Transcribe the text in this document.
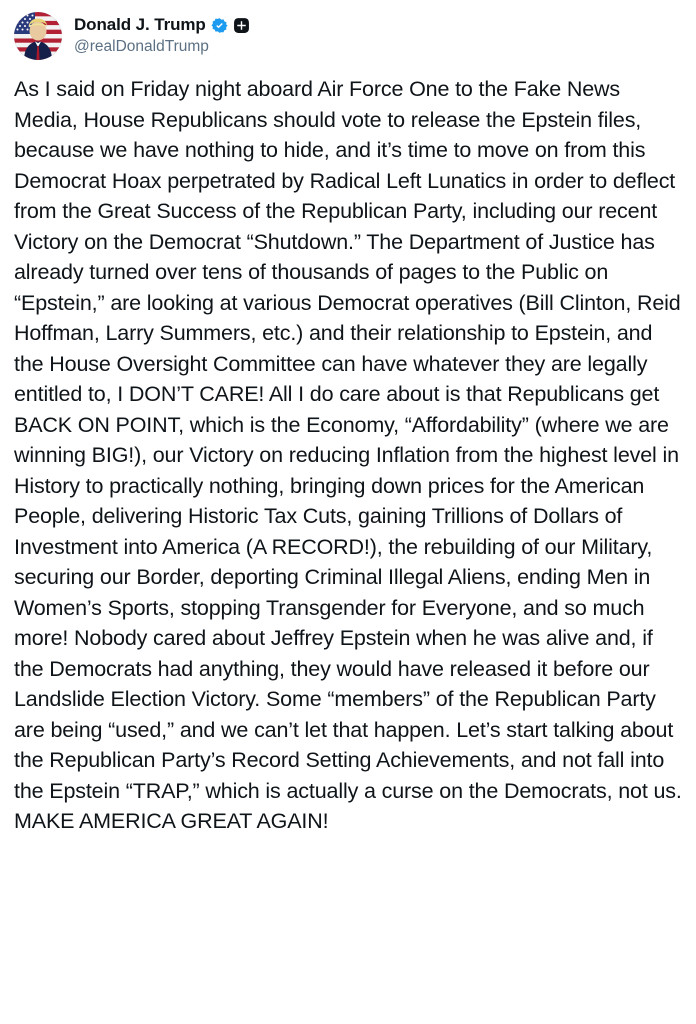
Donald J. Trump
@realDonaldTrump
As I said on Friday night aboard Air Force One to the Fake News Media, House Republicans should vote to release the Epstein files, because we have nothing to hide, and it’s time to move on from this Democrat Hoax perpetrated by Radical Left Lunatics in order to deflect from the Great Success of the Republican Party, including our recent Victory on the Democrat “Shutdown.” The Department of Justice has already turned over tens of thousands of pages to the Public on “Epstein,” are looking at various Democrat operatives (Bill Clinton, Reid Hoffman, Larry Summers, etc.) and their relationship to Epstein, and the House Oversight Committee can have whatever they are legally entitled to, I DON’T CARE! All I do care about is that Republicans get BACK ON POINT, which is the Economy, “Affordability” (where we are winning BIG!), our Victory on reducing Inflation from the highest level in History to practically nothing, bringing down prices for the American People, delivering Historic Tax Cuts, gaining Trillions of Dollars of Investment into America (A RECORD!), the rebuilding of our Military, securing our Border, deporting Criminal Illegal Aliens, ending Men in Women’s Sports, stopping Transgender for Everyone, and so much more! Nobody cared about Jeffrey Epstein when he was alive and, if the Democrats had anything, they would have released it before our Landslide Election Victory. Some “members” of the Republican Party are being “used,” and we can’t let that happen. Let’s start talking about the Republican Party’s Record Setting Achievements, and not fall into the Epstein “TRAP,” which is actually a curse on the Democrats, not us. MAKE AMERICA GREAT AGAIN!
